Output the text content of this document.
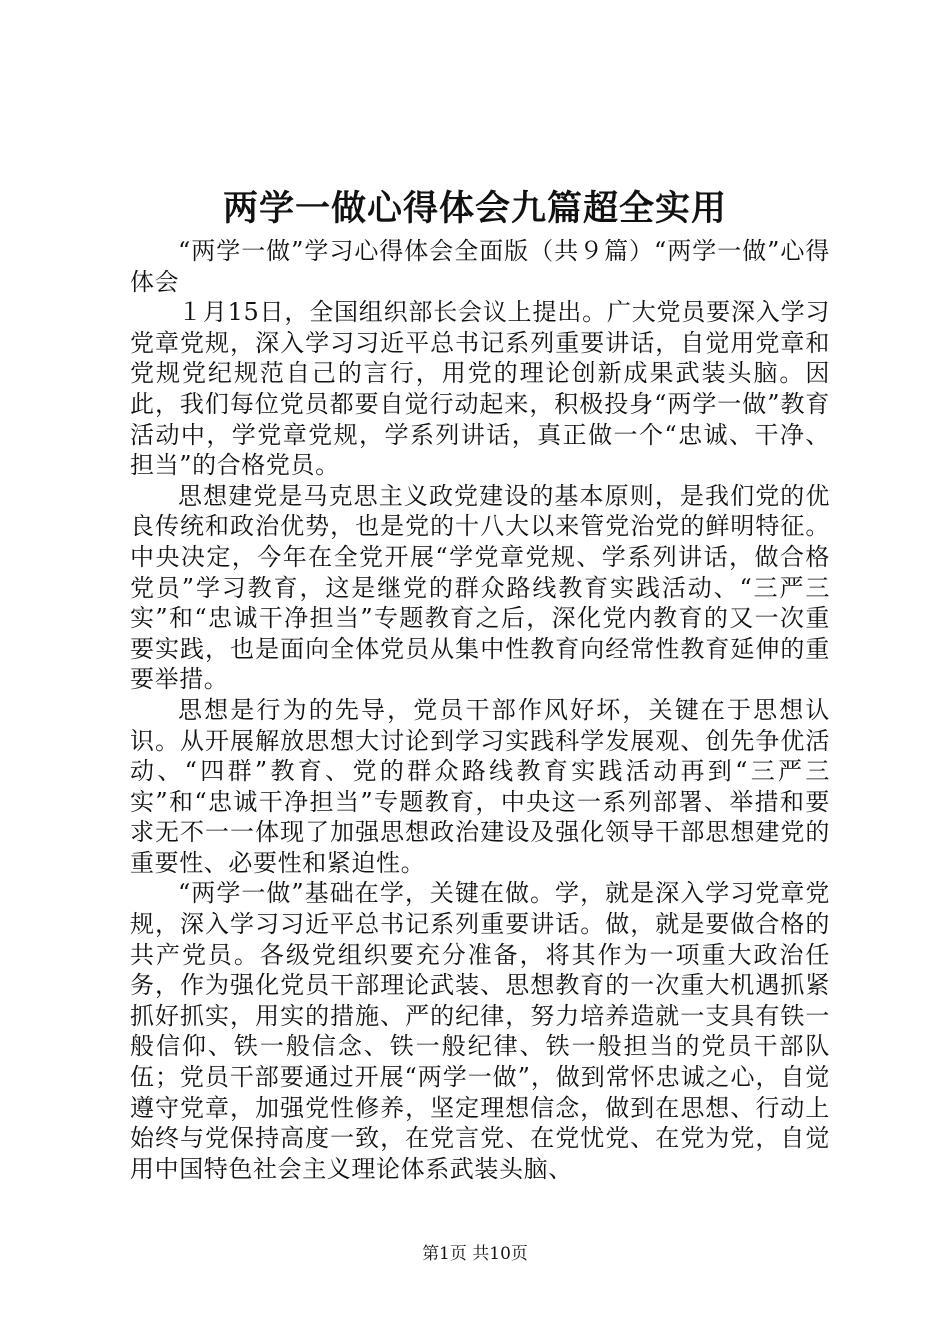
两学一做心得体会九篇超全实用

“两学一做”学习心得体会全面版（共９篇）“两学一做”心得体会

１月15日，全国组织部长会议上提出。广大党员要深入学习党章党规，深入学习习近平总书记系列重要讲话，自觉用党章和党规党纪规范自己的言行，用党的理论创新成果武装头脑。因此，我们每位党员都要自觉行动起来，积极投身“两学一做”教育活动中，学党章党规，学系列讲话，真正做一个“忠诚、干净、担当”的合格党员。

思想建党是马克思主义政党建设的基本原则，是我们党的优良传统和政治优势，也是党的十八大以来管党治党的鲜明特征。中央决定，今年在全党开展“学党章党规、学系列讲话，做合格党员”学习教育，这是继党的群众路线教育实践活动、“三严三实”和“忠诚干净担当”专题教育之后，深化党内教育的又一次重要实践，也是面向全体党员从集中性教育向经常性教育延伸的重要举措。

思想是行为的先导，党员干部作风好坏，关键在于思想认识。从开展解放思想大讨论到学习实践科学发展观、创先争优活动、“四群”教育、党的群众路线教育实践活动再到“三严三实”和“忠诚干净担当”专题教育，中央这一系列部署、举措和要求无不一一体现了加强思想政治建设及强化领导干部思想建党的重要性、必要性和紧迫性。

“两学一做”基础在学，关键在做。学，就是深入学习党章党规，深入学习习近平总书记系列重要讲话。做，就是要做合格的共产党员。各级党组织要充分准备，将其作为一项重大政治任务，作为强化党员干部理论武装、思想教育的一次重大机遇抓紧抓好抓实，用实的措施、严的纪律，努力培养造就一支具有铁一般信仰、铁一般信念、铁一般纪律、铁一般担当的党员干部队伍；党员干部要通过开展“两学一做”，做到常怀忠诚之心，自觉遵守党章，加强党性修养，坚定理想信念，做到在思想、行动上始终与党保持高度一致，在党言党、在党忧党、在党为党，自觉用中国特色社会主义理论体系武装头脑、

第1页 共10页
